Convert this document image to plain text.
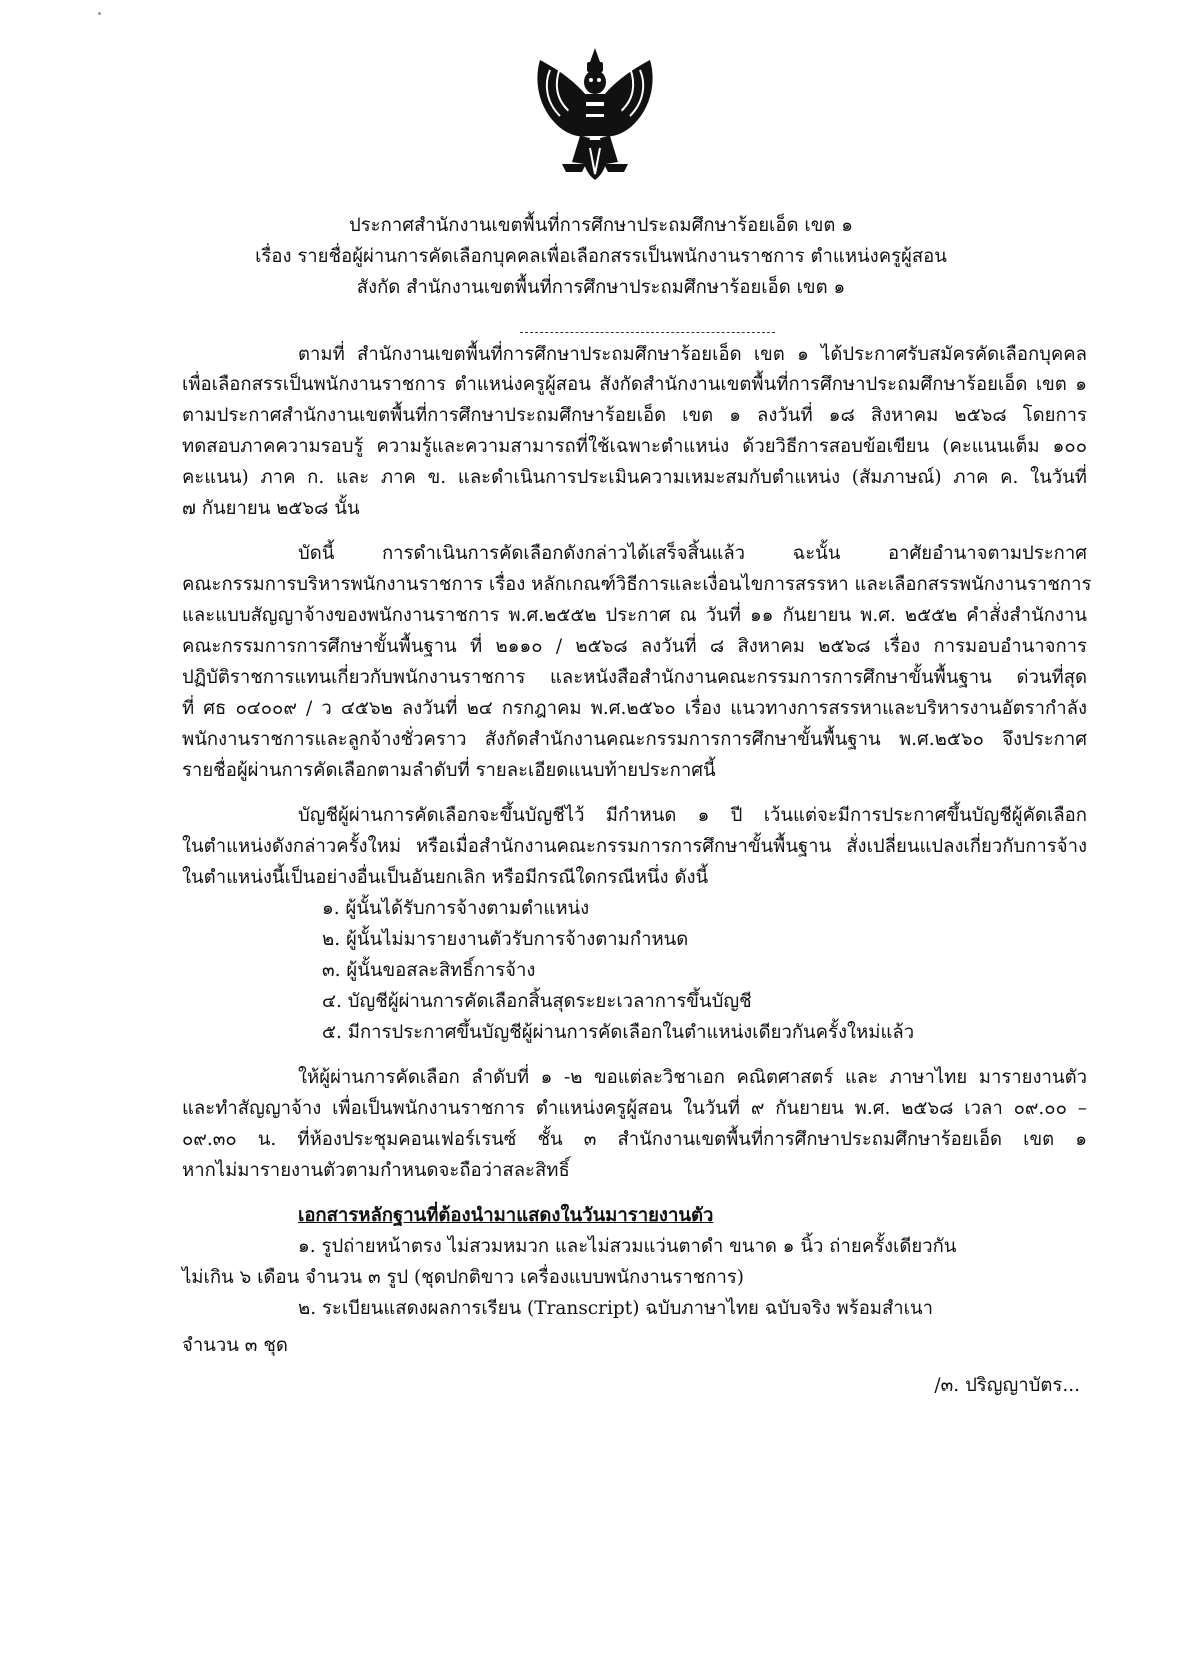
ประกาศสำนักงานเขตพื้นที่การศึกษาประถมศึกษาร้อยเอ็ด เขต ๑
เรื่อง รายชื่อผู้ผ่านการคัดเลือกบุคคลเพื่อเลือกสรรเป็นพนักงานราชการ ตำแหน่งครูผู้สอน
สังกัด สำนักงานเขตพื้นที่การศึกษาประถมศึกษาร้อยเอ็ด เขต ๑
ตามที่ สำนักงานเขตพื้นที่การศึกษาประถมศึกษาร้อยเอ็ด เขต ๑ ได้ประกาศรับสมัครคัดเลือกบุคคล
เพื่อเลือกสรรเป็นพนักงานราชการ ตำแหน่งครูผู้สอน สังกัดสำนักงานเขตพื้นที่การศึกษาประถมศึกษาร้อยเอ็ด เขต ๑
ตามประกาศสำนักงานเขตพื้นที่การศึกษาประถมศึกษาร้อยเอ็ด เขต ๑ ลงวันที่ ๑๘ สิงหาคม ๒๕๖๘ โดยการ
ทดสอบภาคความรอบรู้ ความรู้และความสามารถที่ใช้เฉพาะตำแหน่ง ด้วยวิธีการสอบข้อเขียน (คะแนนเต็ม ๑๐๐
คะแนน) ภาค ก. และ ภาค ข. และดำเนินการประเมินความเหมะสมกับตำแหน่ง (สัมภาษณ์) ภาค ค. ในวันที่
๗ กันยายน ๒๕๖๘ นั้น
บัดนี้ การดำเนินการคัดเลือกดังกล่าวได้เสร็จสิ้นแล้ว ฉะนั้น อาศัยอำนาจตามประกาศ
คณะกรรมการบริหารพนักงานราชการ เรื่อง หลักเกณฑ์วิธีการและเงื่อนไขการสรรหา และเลือกสรรพนักงานราชการ
และแบบสัญญาจ้างของพนักงานราชการ พ.ศ.๒๕๕๒ ประกาศ ณ วันที่ ๑๑ กันยายน พ.ศ. ๒๕๕๒ คำสั่งสำนักงาน
คณะกรรมการการศึกษาขั้นพื้นฐาน ที่ ๒๑๑๐ / ๒๕๖๘ ลงวันที่ ๘ สิงหาคม ๒๕๖๘ เรื่อง การมอบอำนาจการ
ปฏิบัติราชการแทนเกี่ยวกับพนักงานราชการ และหนังสือสำนักงานคณะกรรมการการศึกษาขั้นพื้นฐาน ด่วนที่สุด
ที่ ศธ ๐๔๐๐๙ / ว ๔๕๖๒ ลงวันที่ ๒๔ กรกฎาคม พ.ศ.๒๕๖๐ เรื่อง แนวทางการสรรหาและบริหารงานอัตรากำลัง
พนักงานราชการและลูกจ้างชั่วคราว สังกัดสำนักงานคณะกรรมการการศึกษาขั้นพื้นฐาน พ.ศ.๒๕๖๐ จึงประกาศ
รายชื่อผู้ผ่านการคัดเลือกตามลำดับที่ รายละเอียดแนบท้ายประกาศนี้
บัญชีผู้ผ่านการคัดเลือกจะขึ้นบัญชีไว้ มีกำหนด ๑ ปี เว้นแต่จะมีการประกาศขึ้นบัญชีผู้คัดเลือก
ในตำแหน่งดังกล่าวครั้งใหม่ หรือเมื่อสำนักงานคณะกรรมการการศึกษาขั้นพื้นฐาน สั่งเปลี่ยนแปลงเกี่ยวกับการจ้าง
ในตำแหน่งนี้เป็นอย่างอื่นเป็นอันยกเลิก หรือมีกรณีใดกรณีหนึ่ง ดังนี้
๑. ผู้นั้นได้รับการจ้างตามตำแหน่ง
๒. ผู้นั้นไม่มารายงานตัวรับการจ้างตามกำหนด
๓. ผู้นั้นขอสละสิทธิ์การจ้าง
๔. บัญชีผู้ผ่านการคัดเลือกสิ้นสุดระยะเวลาการขึ้นบัญชี
๕. มีการประกาศขึ้นบัญชีผู้ผ่านการคัดเลือกในตำแหน่งเดียวกันครั้งใหม่แล้ว
ให้ผู้ผ่านการคัดเลือก ลำดับที่ ๑ -๒ ขอแต่ละวิชาเอก คณิตศาสตร์ และ ภาษาไทย มารายงานตัว
และทำสัญญาจ้าง เพื่อเป็นพนักงานราชการ ตำแหน่งครูผู้สอน ในวันที่ ๙ กันยายน พ.ศ. ๒๕๖๘ เวลา ๐๙.๐๐ –
๐๙.๓๐ น. ที่ห้องประชุมคอนเฟอร์เรนซ์ ชั้น ๓ สำนักงานเขตพื้นที่การศึกษาประถมศึกษาร้อยเอ็ด เขต ๑
หากไม่มารายงานตัวตามกำหนดจะถือว่าสละสิทธิ์
เอกสารหลักฐานที่ต้องนำมาแสดงในวันมารายงานตัว
๑. รูปถ่ายหน้าตรง ไม่สวมหมวก และไม่สวมแว่นตาดำ ขนาด ๑ นิ้ว ถ่ายครั้งเดียวกัน
ไม่เกิน ๖ เดือน จำนวน ๓ รูป (ชุดปกติขาว เครื่องแบบพนักงานราชการ)
๒. ระเบียนแสดงผลการเรียน (Transcript) ฉบับภาษาไทย ฉบับจริง พร้อมสำเนา
จำนวน ๓ ชุด
/๓. ปริญญาบัตร...
